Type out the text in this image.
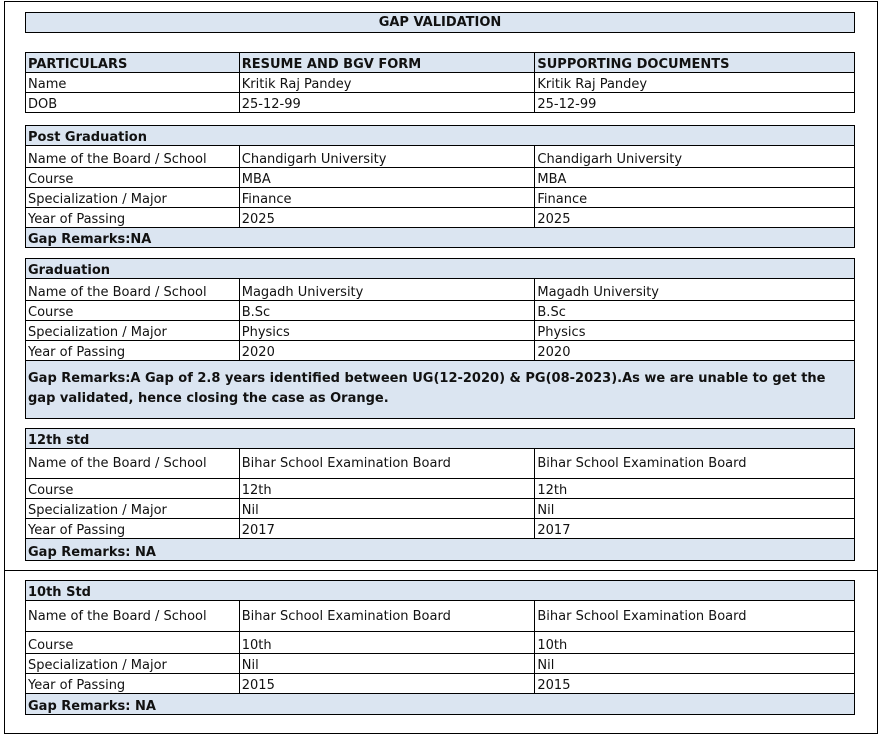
GAP VALIDATION
PARTICULARS	RESUME AND BGV FORM	SUPPORTING DOCUMENTS
Name	Kritik Raj Pandey	Kritik Raj Pandey
DOB	25-12-99	25-12-99
Post Graduation
Name of the Board / School	Chandigarh University	Chandigarh University
Course	MBA	MBA
Specialization / Major	Finance	Finance
Year of Passing	2025	2025
Gap Remarks:NA
Graduation
Name of the Board / School	Magadh University	Magadh University
Course	B.Sc	B.Sc
Specialization / Major	Physics	Physics
Year of Passing	2020	2020
Gap Remarks:A Gap of 2.8 years identified between UG(12-2020) & PG(08-2023).As we are unable to get the gap validated, hence closing the case as Orange.
12th std
Name of the Board / School	Bihar School Examination Board	Bihar School Examination Board
Course	12th	12th
Specialization / Major	Nil	Nil
Year of Passing	2017	2017
Gap Remarks: NA
10th Std
Name of the Board / School	Bihar School Examination Board	Bihar School Examination Board
Course	10th	10th
Specialization / Major	Nil	Nil
Year of Passing	2015	2015
Gap Remarks: NA
